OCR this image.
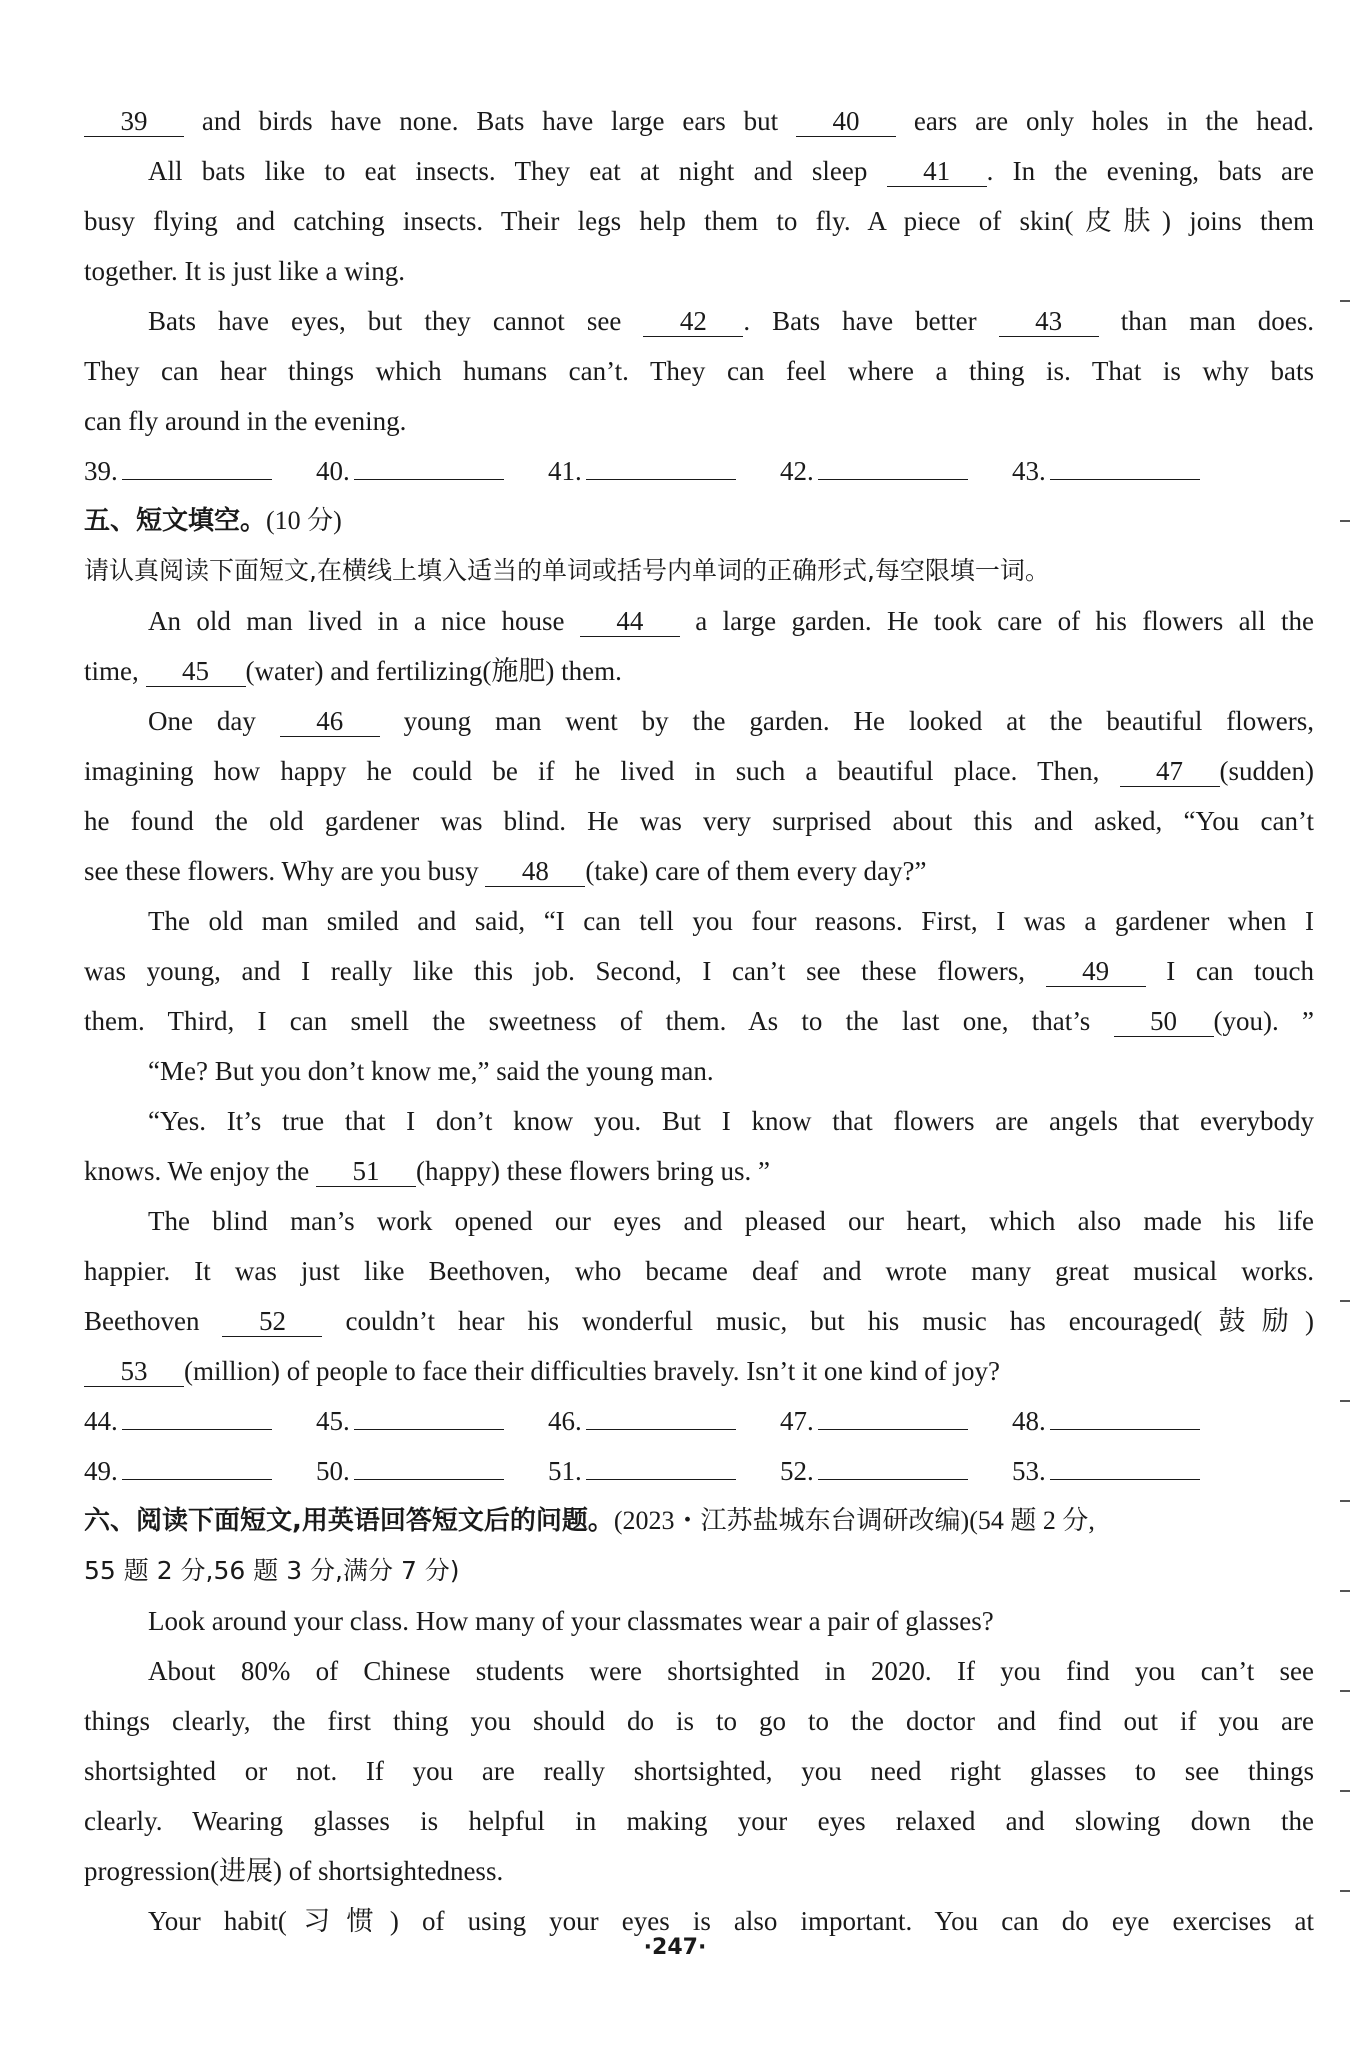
39 and birds have none. Bats have large ears but 40 ears are only holes in the head.
All bats like to eat insects. They eat at night and sleep 41 . In the evening, bats are
busy flying and catching insects. Their legs help them to fly. A piece of skin(皮肤) joins them
together. It is just like a wing.
Bats have eyes, but they cannot see 42 . Bats have better 43 than man does.
They can hear things which humans can’t. They can feel where a thing is. That is why bats
can fly around in the evening.
39.	40.	41.	42.	43.
五、短文填空。(10 分)
请认真阅读下面短文,在横线上填入适当的单词或括号内单词的正确形式,每空限填一词。
An old man lived in a nice house 44 a large garden. He took care of his flowers all the
time, 45 (water) and fertilizing(施肥) them.
One day 46 young man went by the garden. He looked at the beautiful flowers,
imagining how happy he could be if he lived in such a beautiful place. Then, 47 (sudden)
he found the old gardener was blind. He was very surprised about this and asked, “You can’t
see these flowers. Why are you busy 48 (take) care of them every day?”
The old man smiled and said, “I can tell you four reasons. First, I was a gardener when I
was young, and I really like this job. Second, I can’t see these flowers, 49 I can touch
them. Third, I can smell the sweetness of them. As to the last one, that’s 50 (you). ”
“Me? But you don’t know me,” said the young man.
“Yes. It’s true that I don’t know you. But I know that flowers are angels that everybody
knows. We enjoy the 51 (happy) these flowers bring us. ”
The blind man’s work opened our eyes and pleased our heart, which also made his life
happier. It was just like Beethoven, who became deaf and wrote many great musical works.
Beethoven 52 couldn’t hear his wonderful music, but his music has encouraged(鼓励)
53 (million) of people to face their difficulties bravely. Isn’t it one kind of joy?
44.	45.	46.	47.	48.
49.	50.	51.	52.	53.
六、阅读下面短文,用英语回答短文后的问题。(2023・江苏盐城东台调研改编)(54 题 2 分,
55 题 2 分,56 题 3 分,满分 7 分)
Look around your class. How many of your classmates wear a pair of glasses?
About 80% of Chinese students were shortsighted in 2020. If you find you can’t see
things clearly, the first thing you should do is to go to the doctor and find out if you are
shortsighted or not. If you are really shortsighted, you need right glasses to see things
clearly. Wearing glasses is helpful in making your eyes relaxed and slowing down the
progression(进展) of shortsightedness.
Your habit(习惯) of using your eyes is also important. You can do eye exercises at
·247·
